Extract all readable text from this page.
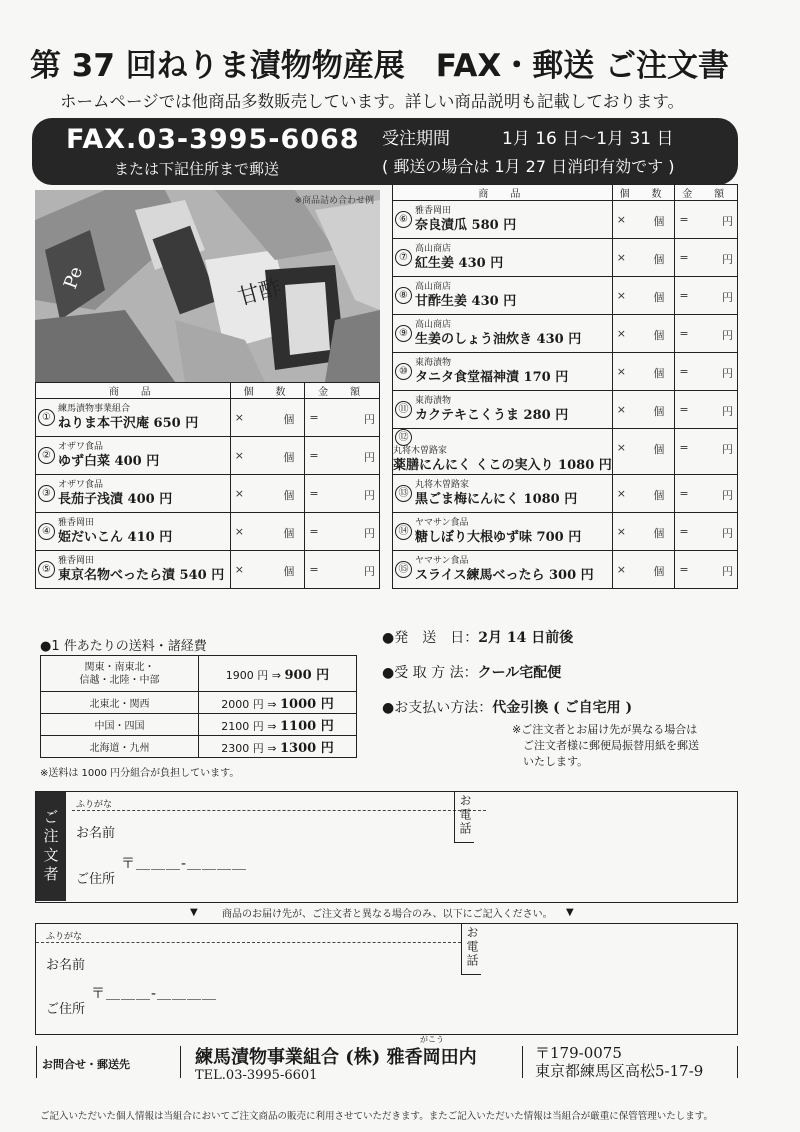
第 37 回ねりま漬物物産展　FAX・郵送 ご注文書
ホームページでは他商品多数販売しています。詳しい商品説明も記載しております。
FAX.03-3995-6068
または下記住所まで郵送
受注期間	1月 16 日～1月 31 日
( 郵送の場合は 1月 27 日消印有効です )
Pe	甘酢
※商品詰め合わせ例
商　品	個　数	金　額
①
練馬漬物事業組合
ねりま本干沢庵 650 円	× 個	= 円

②
オザワ食品
ゆず白菜 400 円	× 個	= 円

③
オザワ食品
長茄子浅漬 400 円	× 個	= 円

④
雅香岡田
姫だいこん 410 円	× 個	= 円

⑤
雅香岡田
東京名物べったら漬 540 円	× 個	= 円
商　品	個　数	金　額
⑥
雅香岡田
奈良漬瓜 580 円	× 個	= 円

⑦
高山商店
紅生姜 430 円	× 個	= 円

⑧
高山商店
甘酢生姜 430 円	× 個	= 円

⑨
高山商店
生姜のしょう油炊き 430 円	× 個	= 円

⑩
東海漬物
タニタ食堂福神漬 170 円	× 個	= 円

⑪
東海漬物
カクテキこくうま 280 円	× 個	= 円

⑫
丸将木曽路家
薬膳にんにく くこの実入り 1080 円	× 個	= 円

⑬
丸将木曽路家
黒ごま梅にんにく 1080 円	× 個	= 円

⑭
ヤマサン食品
糖しぼり大根ゆず味 700 円	× 個	= 円

⑮
ヤマサン食品
スライス練馬べったら 300 円	× 個	= 円
●1 件あたりの送料・諸経費
関東・南東北・
信越・北陸・中部	1900 円 ⇒ 900 円
北東北・関西	2000 円 ⇒ 1000 円
中国・四国	2100 円 ⇒ 1100 円
北海道・九州	2300 円 ⇒ 1300 円
※送料は 1000 円分組合が負担しています。
●発　送　日：2月 14 日前後
●受 取 方 法：クール宅配便
●お支払い方法：代金引換 ( ご自宅用 )
※ご注文者とお届け先が異なる場合は
　ご注文者様に郵便局振替用紙を郵送
　いたします。
ご注文者
ふりがな
お名前
ご住所
〒＿＿＿-＿＿＿＿
お電話
▼ 商品のお届け先が、ご注文者と異なる場合のみ、以下にご記入ください。 ▼
ふりがな
お名前
ご住所
〒＿＿＿-＿＿＿＿
お電話
お問合せ・郵送先
がこう
練馬漬物事業組合 (株) 雅香岡田内
TEL.03-3995-6601
〒179-0075
東京都練馬区高松5-17-9
ご記入いただいた個人情報は当組合においてご注文商品の販売に利用させていただきます。またご記入いただいた情報は当組合が厳重に保管管理いたします。
